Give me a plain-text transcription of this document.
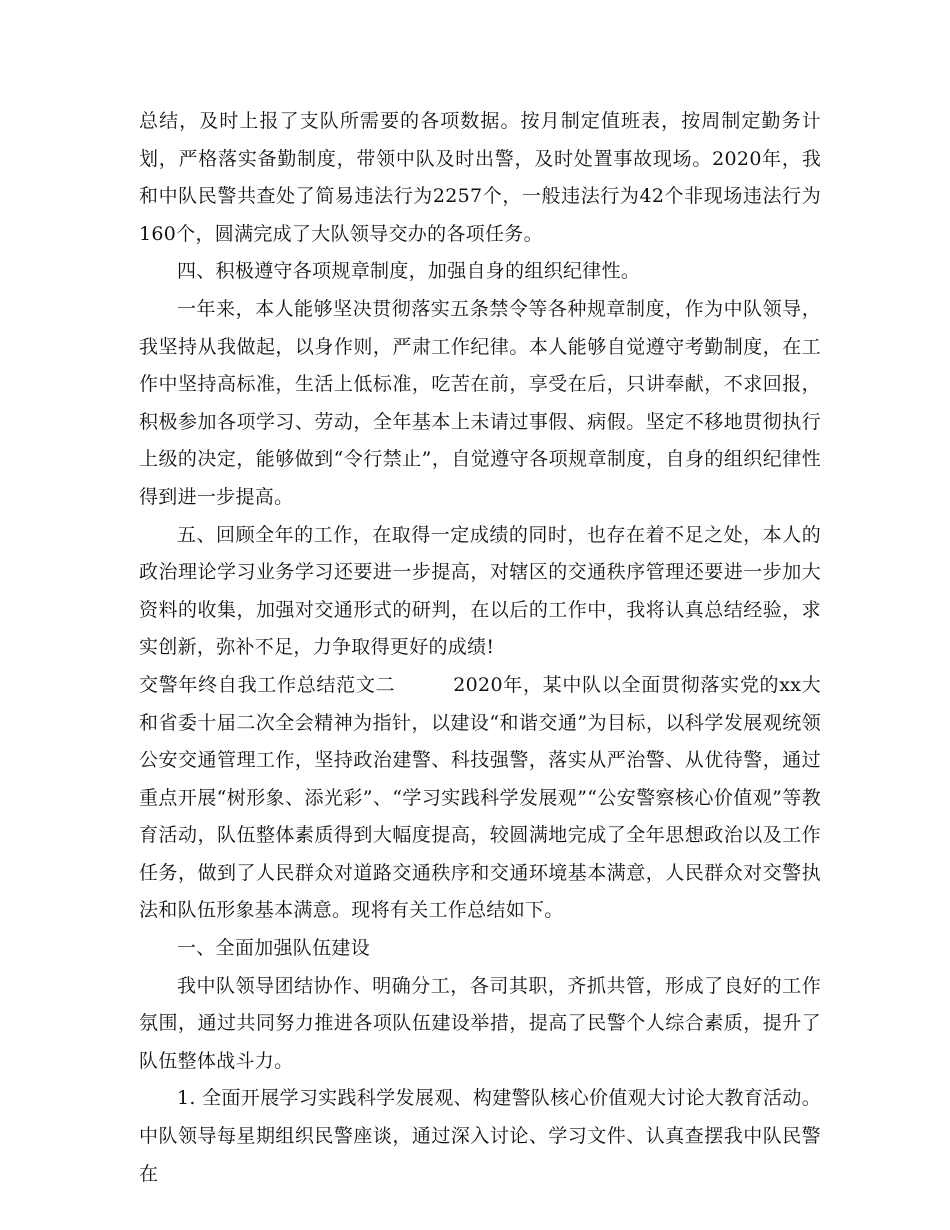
总结，及时上报了支队所需要的各项数据。按月制定值班表，按周制定勤务计划，严格落实备勤制度，带领中队及时出警，及时处置事故现场。2020年，我和中队民警共查处了简易违法行为2257个，一般违法行为42个非现场违法行为160个，圆满完成了大队领导交办的各项任务。

四、积极遵守各项规章制度，加强自身的组织纪律性。

一年来，本人能够坚决贯彻落实五条禁令等各种规章制度，作为中队领导，我坚持从我做起，以身作则，严肃工作纪律。本人能够自觉遵守考勤制度，在工作中坚持高标准，生活上低标准，吃苦在前，享受在后，只讲奉献，不求回报，积极参加各项学习、劳动，全年基本上未请过事假、病假。坚定不移地贯彻执行上级的决定，能够做到“令行禁止”，自觉遵守各项规章制度，自身的组织纪律性得到进一步提高。

五、回顾全年的工作，在取得一定成绩的同时，也存在着不足之处，本人的政治理论学习业务学习还要进一步提高，对辖区的交通秩序管理还要进一步加大资料的收集，加强对交通形式的研判，在以后的工作中，我将认真总结经验，求实创新，弥补不足，力争取得更好的成绩!

交警年终自我工作总结范文二	2020年，某中队以全面贯彻落实党的xx大和省委十届二次全会精神为指针，以建设“和谐交通”为目标，以科学发展观统领公安交通管理工作，坚持政治建警、科技强警，落实从严治警、从优待警，通过重点开展“树形象、添光彩”、“学习实践科学发展观”“公安警察核心价值观”等教育活动，队伍整体素质得到大幅度提高，较圆满地完成了全年思想政治以及工作任务，做到了人民群众对道路交通秩序和交通环境基本满意，人民群众对交警执法和队伍形象基本满意。现将有关工作总结如下。

一、全面加强队伍建设

我中队领导团结协作、明确分工，各司其职，齐抓共管，形成了良好的工作氛围，通过共同努力推进各项队伍建设举措，提高了民警个人综合素质，提升了队伍整体战斗力。

1. 全面开展学习实践科学发展观、构建警队核心价值观大讨论大教育活动。中队领导每星期组织民警座谈，通过深入讨论、学习文件、认真查摆我中队民警在
